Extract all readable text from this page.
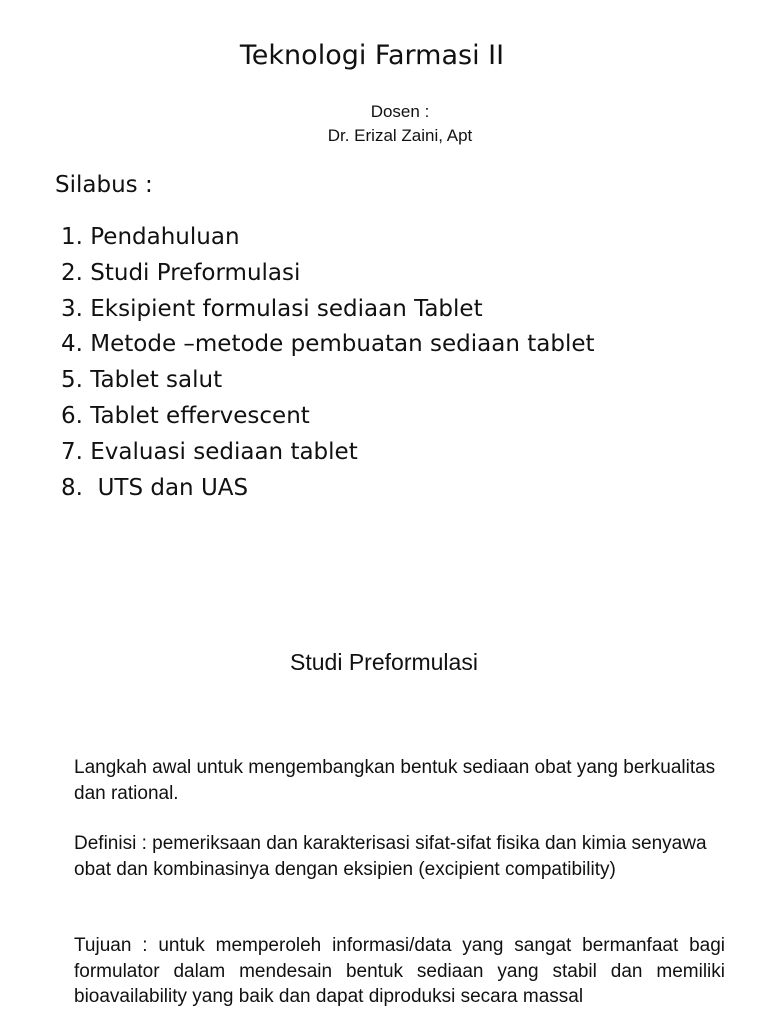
Teknologi Farmasi II
Dosen :
Dr. Erizal Zaini, Apt
Silabus :
1. Pendahuluan
2. Studi Preformulasi
3. Eksipient formulasi sediaan Tablet
4. Metode –metode pembuatan sediaan tablet
5. Tablet salut
6. Tablet effervescent
7. Evaluasi sediaan tablet
8.  UTS dan UAS
Studi Preformulasi

Langkah awal untuk mengembangkan bentuk sediaan obat yang berkualitas dan rational.

Definisi : pemeriksaan dan karakterisasi sifat-sifat fisika dan kimia senyawa obat dan kombinasinya dengan eksipien (excipient compatibility)

Tujuan : untuk memperoleh informasi/data yang sangat bermanfaat bagi formulator dalam mendesain bentuk sediaan yang stabil dan memiliki bioavailability yang baik dan dapat diproduksi secara massal
